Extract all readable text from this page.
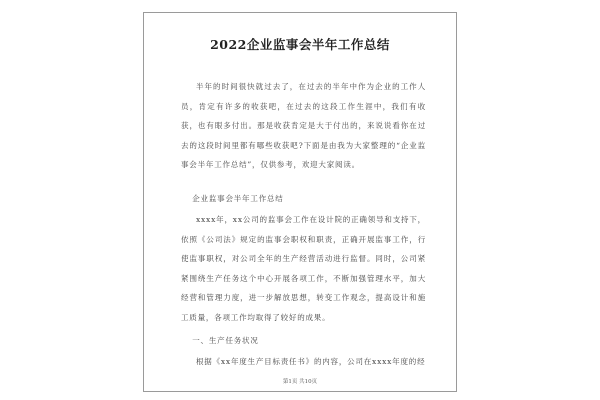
2022企业监事会半年工作总结
半年的时间很快就过去了，在过去的半年中作为企业的工作人员，肯定有许多的收获吧，在过去的这段工作生涯中，我们有收获，也有眼多付出。那是收获肯定是大于付出的，来说说看你在过去的这段时间里都有哪些收获吧?下面是由我为大家整理的“企业监事会半年工作总结”，仅供参考，欢迎大家阅读。
企业监事会半年工作总结
xxxx年，xx公司的监事会工作在设计院的正确领导和支持下，依照《公司法》规定的监事会职权和职责，正确开展监事工作，行使监事职权，对公司全年的生产经营活动进行监督。同时，公司紧紧围绕生产任务这个中心开展各项工作，不断加强管理水平，加大经营和管理力度，进一步解放思想，转变工作观念，提高设计和施工质量，各项工作均取得了较好的成果。
一、生产任务状况
根据《xx年度生产目标责任书》的内容，公司在xxxx年度的经
第1页 共10页
